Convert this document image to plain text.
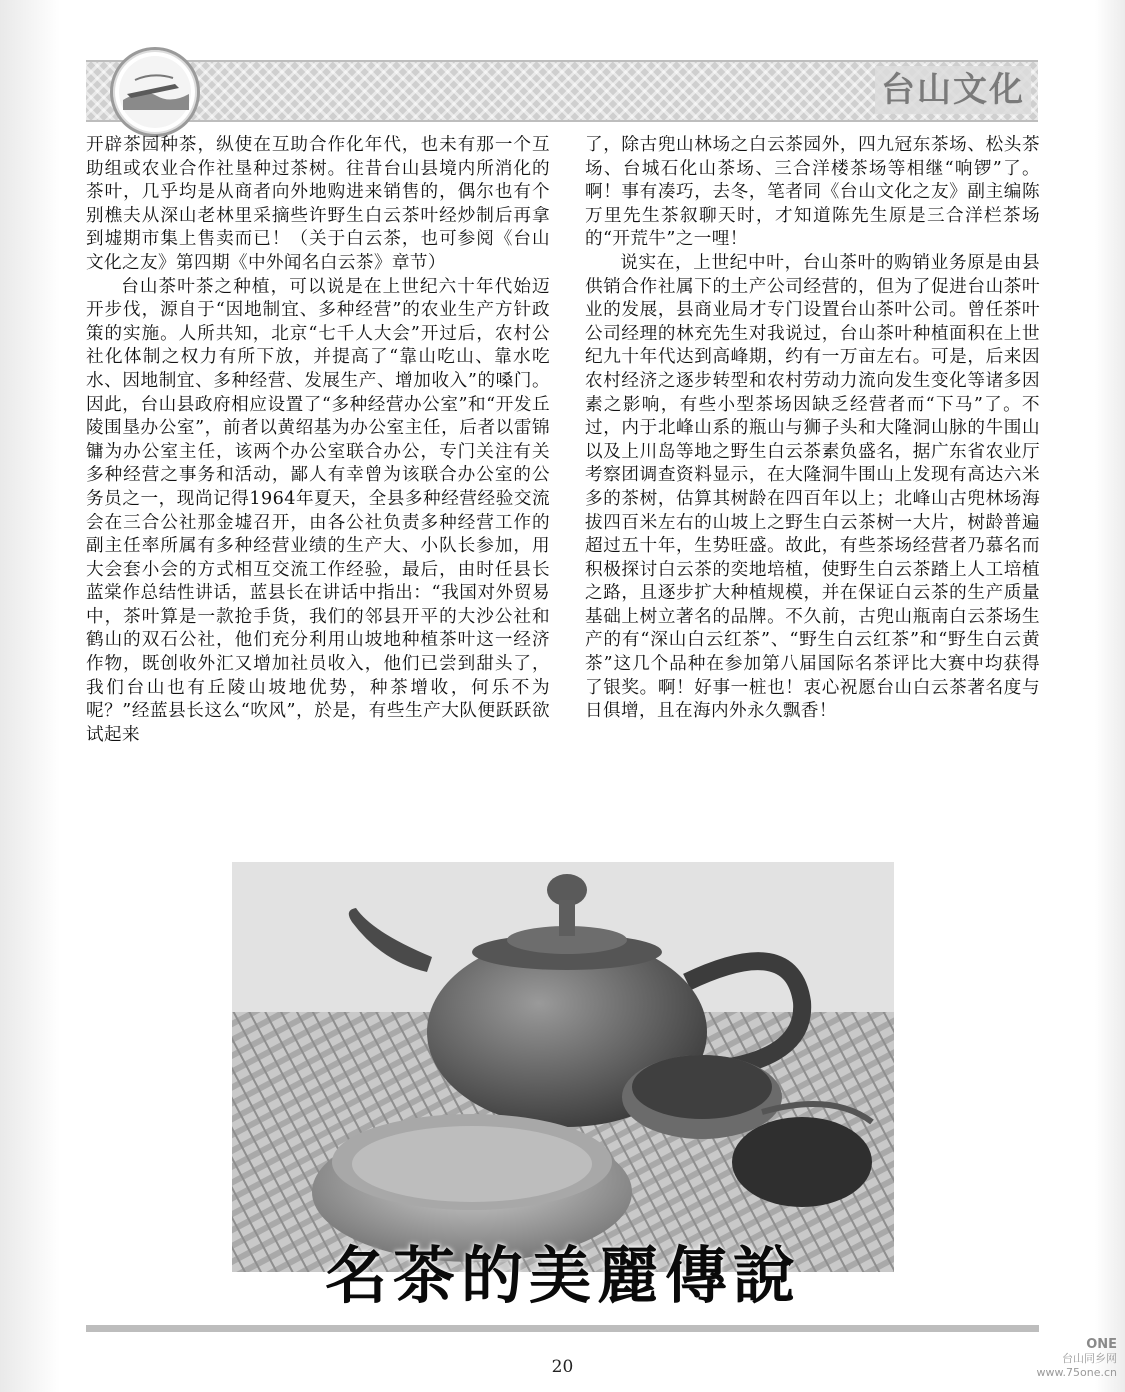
台山文化

开辟茶园种茶，纵使在互助合作化年代，也未有那一个互助组或农业合作社垦种过茶树。往昔台山县境内所消化的茶叶，几乎均是从商者向外地购进来销售的，偶尔也有个别樵夫从深山老林里采摘些许野生白云茶叶经炒制后再拿到墟期市集上售卖而已！（关于白云茶，也可参阅《台山文化之友》第四期《中外闻名白云茶》章节）

台山茶叶茶之种植，可以说是在上世纪六十年代始迈开步伐，源自于“因地制宜、多种经营”的农业生产方针政策的实施。人所共知，北京“七千人大会”开过后，农村公社化体制之权力有所下放，并提高了“靠山吃山、靠水吃水、因地制宜、多种经营、发展生产、增加收入”的嗓门。因此，台山县政府相应设置了“多种经营办公室”和“开发丘陵围垦办公室”，前者以黄绍基为办公室主任，后者以雷锦镛为办公室主任，该两个办公室联合办公，专门关注有关多种经营之事务和活动，鄙人有幸曾为该联合办公室的公务员之一，现尚记得1964年夏天，全县多种经营经验交流会在三合公社那金墟召开，由各公社负责多种经营工作的副主任率所属有多种经营业绩的生产大、小队长参加，用大会套小会的方式相互交流工作经验，最后，由时任县长蓝棠作总结性讲话，蓝县长在讲话中指出：“我国对外贸易中，茶叶算是一款抢手货，我们的邻县开平的大沙公社和鹤山的双石公社，他们充分利用山坡地种植茶叶这一经济作物，既创收外汇又增加社员收入，他们已尝到甜头了，我们台山也有丘陵山坡地优势，种茶增收，何乐不为呢？”经蓝县长这么“吹风”，於是，有些生产大队便跃跃欲试起来

了，除古兜山林场之白云茶园外，四九冠东茶场、松头茶场、台城石化山茶场、三合洋楼茶场等相继“响锣”了。啊！事有凑巧，去冬，笔者同《台山文化之友》副主编陈万里先生茶叙聊天时，才知道陈先生原是三合洋栏茶场的“开荒牛”之一哩！

说实在，上世纪中叶，台山茶叶的购销业务原是由县供销合作社属下的土产公司经营的，但为了促进台山茶叶业的发展，县商业局才专门设置台山茶叶公司。曾任茶叶公司经理的林充先生对我说过，台山茶叶种植面积在上世纪九十年代达到高峰期，约有一万亩左右。可是，后来因农村经济之逐步转型和农村劳动力流向发生变化等诸多因素之影响，有些小型茶场因缺乏经营者而“下马”了。不过，内于北峰山系的瓶山与狮子头和大隆洞山脉的牛围山以及上川岛等地之野生白云茶素负盛名，据广东省农业厅考察团调查资料显示，在大隆洞牛围山上发现有高达六米多的茶树，估算其树龄在四百年以上；北峰山古兜林场海拔四百米左右的山坡上之野生白云茶树一大片，树龄普遍超过五十年，生势旺盛。故此，有些茶场经营者乃慕名而积极探讨白云茶的奕地培植，使野生白云茶踏上人工培植之路，且逐步扩大种植规模，并在保证白云茶的生产质量基础上树立著名的品牌。不久前，古兜山瓶南白云茶场生产的有“深山白云红茶”、“野生白云红茶”和“野生白云黄茶”这几个品种在参加第八届国际名茶评比大赛中均获得了银奖。啊！好事一桩也！衷心祝愿台山白云茶著名度与日俱增，且在海内外永久飘香！

名茶的美麗傳說
20
ONE
台山同乡网
www.75one.cn
